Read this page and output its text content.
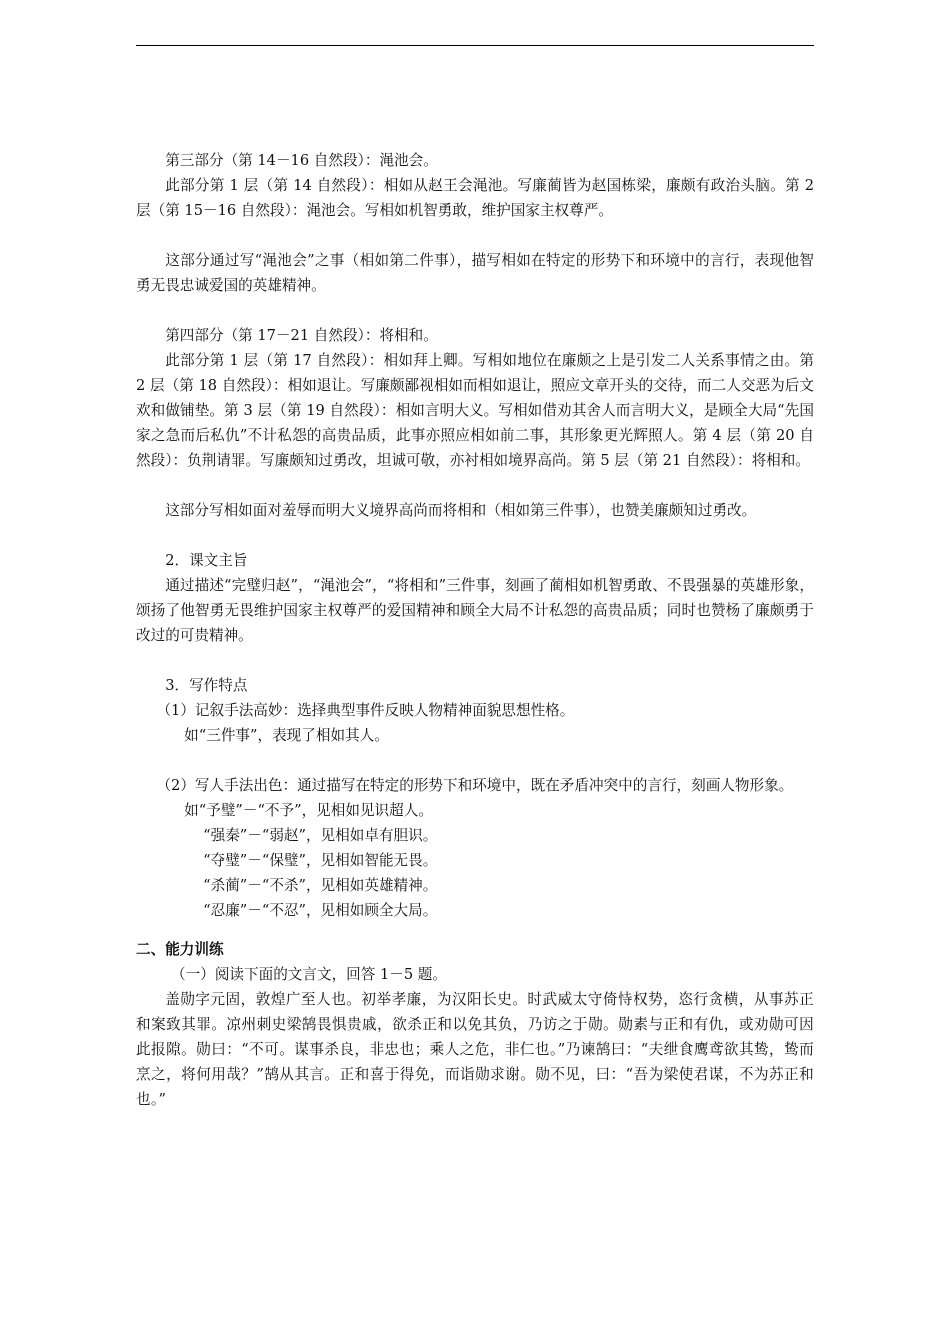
第三部分（第 14－16 自然段）：渑池会。

此部分第 1 层（第 14 自然段）：相如从赵王会渑池。写廉蔺皆为赵国栋梁，廉颇有政治头脑。第 2 层（第 15－16 自然段）：渑池会。写相如机智勇敢，维护国家主权尊严。

这部分通过写“渑池会”之事（相如第二件事），描写相如在特定的形势下和环境中的言行，表现他智勇无畏忠诚爱国的英雄精神。

第四部分（第 17－21 自然段）：将相和。

此部分第 1 层（第 17 自然段）：相如拜上卿。写相如地位在廉颇之上是引发二人关系事情之由。第 2 层（第 18 自然段）：相如退让。写廉颇鄙视相如而相如退让，照应文章开头的交待，而二人交恶为后文欢和做铺垫。第 3 层（第 19 自然段）：相如言明大义。写相如借劝其舍人而言明大义，是顾全大局“先国家之急而后私仇”不计私怨的高贵品质，此事亦照应相如前二事，其形象更光辉照人。第 4 层（第 20 自然段）：负荆请罪。写廉颇知过勇改，坦诚可敬，亦衬相如境界高尚。第 5 层（第 21 自然段）：将相和。

这部分写相如面对羞辱而明大义境界高尚而将相和（相如第三件事），也赞美廉颇知过勇改。

2．课文主旨

通过描述“完璧归赵”，“渑池会”，“将相和”三件事，刻画了蔺相如机智勇敢、不畏强暴的英雄形象，颂扬了他智勇无畏维护国家主权尊严的爱国精神和顾全大局不计私怨的高贵品质；同时也赞杨了廉颇勇于改过的可贵精神。

3．写作特点

（1）记叙手法高妙：选择典型事件反映人物精神面貌思想性格。

如“三件事”，表现了相如其人。

（2）写人手法出色：通过描写在特定的形势下和环境中，既在矛盾冲突中的言行，刻画人物形象。

如“予璧”－“不予”，见相如见识超人。

“强秦”－“弱赵”，见相如卓有胆识。

“夺璧”－“保璧”，见相如智能无畏。

“杀蔺”－“不杀”，见相如英雄精神。

“忍廉”－“不忍”，见相如顾全大局。

二、能力训练

（一）阅读下面的文言文，回答 1－5 题。

盖勋字元固，敦煌广至人也。初举孝廉，为汉阳长史。时武威太守倚恃权势，恣行贪横，从事苏正和案致其罪。凉州刺史梁鹄畏惧贵戚，欲杀正和以免其负，乃访之于勋。勋素与正和有仇，或劝勋可因此报隙。勋曰：“不可。谋事杀良，非忠也；乘人之危，非仁也。”乃谏鹄曰：“夫绁食鹰鸢欲其鸷，鸷而烹之，将何用哉？”鹄从其言。正和喜于得免，而诣勋求谢。勋不见，曰：“吾为梁使君谋，不为苏正和也。”
